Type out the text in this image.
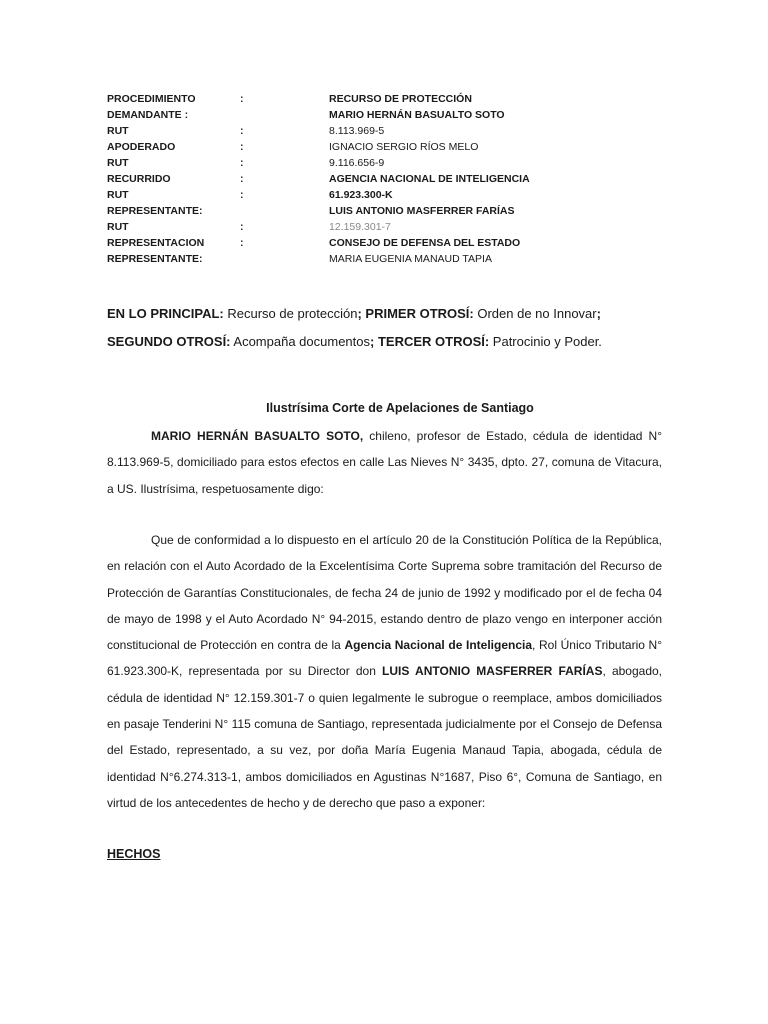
PROCEDIMIENTO	:	RECURSO DE PROTECCIÓN
DEMANDANTE :	MARIO HERNÁN BASUALTO SOTO
RUT	:	8.113.969-5
APODERADO	:	IGNACIO SERGIO RÍOS MELO
RUT	:	9.116.656-9
RECURRIDO	:	AGENCIA NACIONAL DE INTELIGENCIA
RUT	:	61.923.300-K
REPRESENTANTE:	LUIS ANTONIO MASFERRER FARÍAS
RUT	:	12.159.301-7
REPRESENTACION	:	CONSEJO DE DEFENSA DEL ESTADO
REPRESENTANTE:	MARIA EUGENIA MANAUD TAPIA
EN LO PRINCIPAL: Recurso de protección; PRIMER OTROSÍ: Orden de no Innovar; SEGUNDO OTROSÍ: Acompaña documentos; TERCER OTROSÍ: Patrocinio y Poder.
Ilustrísima Corte de Apelaciones de Santiago
MARIO HERNÁN BASUALTO SOTO, chileno, profesor de Estado, cédula de identidad N° 8.113.969-5, domiciliado para estos efectos en calle Las Nieves N° 3435, dpto. 27, comuna de Vitacura, a US. Ilustrísima, respetuosamente digo:
Que de conformidad a lo dispuesto en el artículo 20 de la Constitución Política de la República, en relación con el Auto Acordado de la Excelentísima Corte Suprema sobre tramitación del Recurso de Protección de Garantías Constitucionales, de fecha 24 de junio de 1992 y modificado por el de fecha 04 de mayo de 1998 y el Auto Acordado N° 94-2015, estando dentro de plazo vengo en interponer acción constitucional de Protección en contra de la Agencia Nacional de Inteligencia, Rol Único Tributario N° 61.923.300-K, representada por su Director don LUIS ANTONIO MASFERRER FARÍAS, abogado, cédula de identidad N° 12.159.301-7 o quien legalmente le subrogue o reemplace, ambos domiciliados en pasaje Tenderini N° 115 comuna de Santiago, representada judicialmente por el Consejo de Defensa del Estado, representado, a su vez, por doña María Eugenia Manaud Tapia, abogada, cédula de identidad N°6.274.313-1, ambos domiciliados en Agustinas N°1687, Piso 6°, Comuna de Santiago, en virtud de los antecedentes de hecho y de derecho que paso a exponer:
HECHOS
